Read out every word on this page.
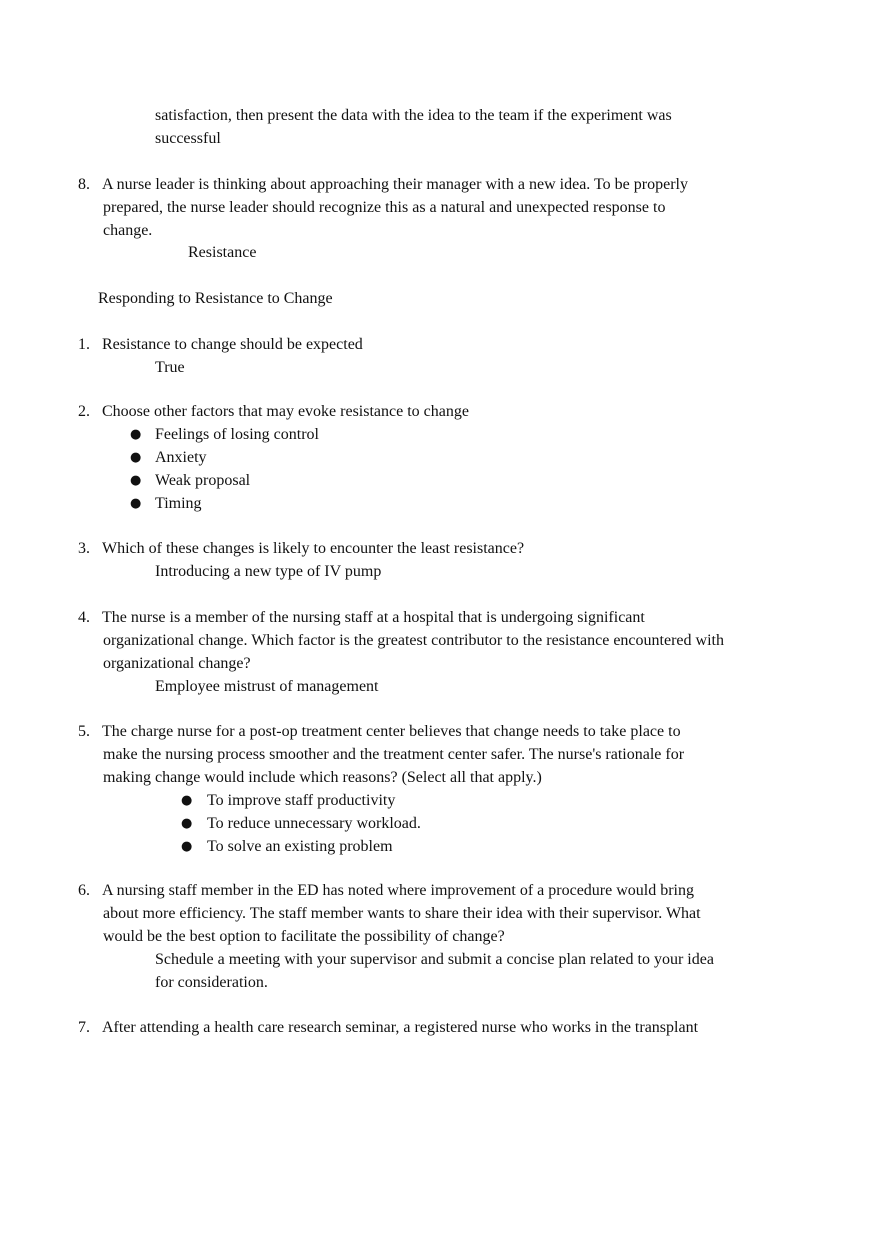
satisfaction, then present the data with the idea to the team if the experiment was
successful
8. A nurse leader is thinking about approaching their manager with a new idea. To be properly
prepared, the nurse leader should recognize this as a natural and unexpected response to
change.
Resistance
Responding to Resistance to Change
1. Resistance to change should be expected
True
2. Choose other factors that may evoke resistance to change
● Feelings of losing control
● Anxiety
● Weak proposal
● Timing
3. Which of these changes is likely to encounter the least resistance?
Introducing a new type of IV pump
4. The nurse is a member of the nursing staff at a hospital that is undergoing significant
organizational change. Which factor is the greatest contributor to the resistance encountered with
organizational change?
Employee mistrust of management
5. The charge nurse for a post-op treatment center believes that change needs to take place to
make the nursing process smoother and the treatment center safer. The nurse's rationale for
making change would include which reasons? (Select all that apply.)
● To improve staff productivity
● To reduce unnecessary workload.
● To solve an existing problem
6. A nursing staff member in the ED has noted where improvement of a procedure would bring
about more efficiency. The staff member wants to share their idea with their supervisor. What
would be the best option to facilitate the possibility of change?
Schedule a meeting with your supervisor and submit a concise plan related to your idea
for consideration.
7. After attending a health care research seminar, a registered nurse who works in the transplant
